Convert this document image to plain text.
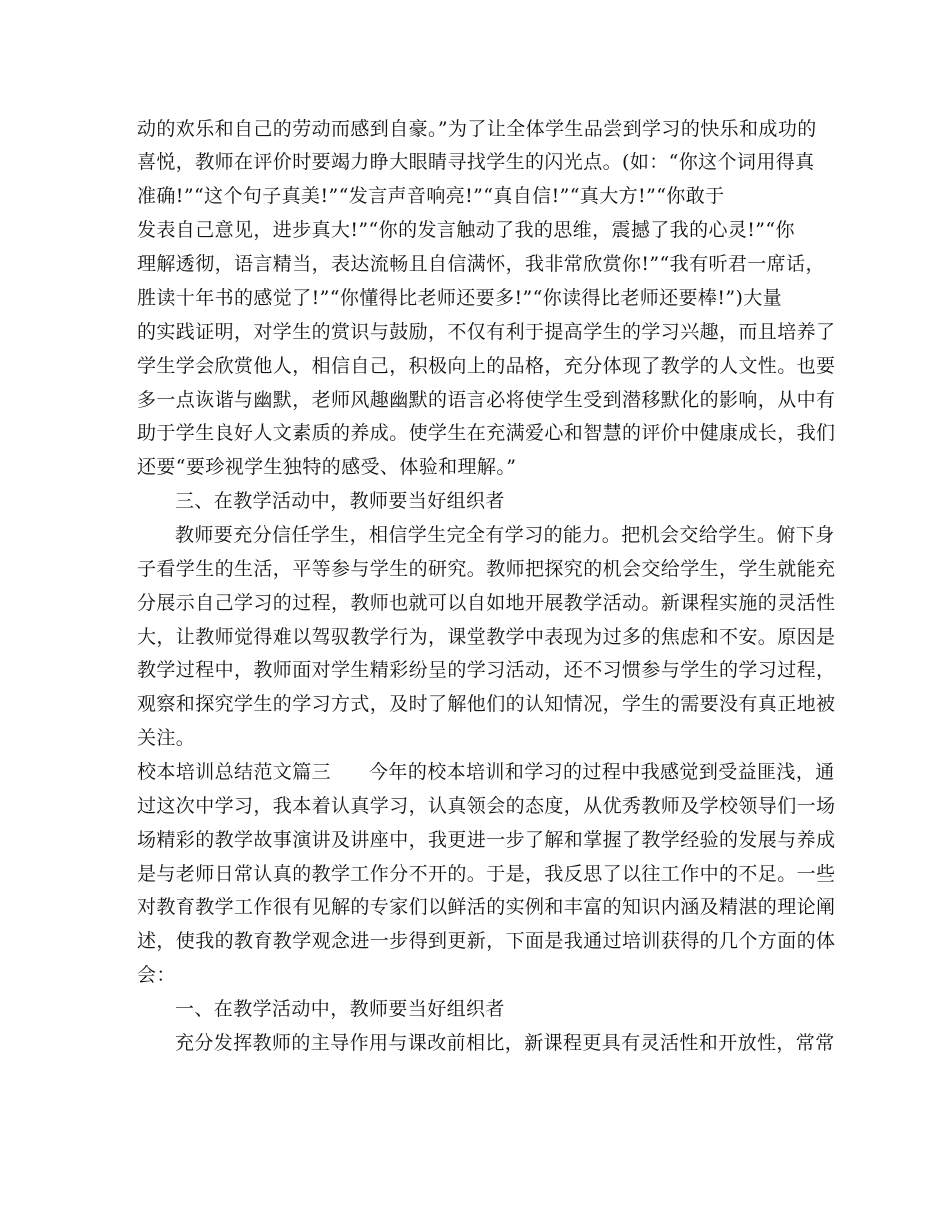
动的欢乐和自己的劳动而感到自豪。”为了让全体学生品尝到学习的快乐和成功的
喜悦，教师在评价时要竭力睁大眼睛寻找学生的闪光点。(如：“你这个词用得真
准确!”“这个句子真美!”“发言声音响亮!”“真自信!”“真大方!”“你敢于
发表自己意见，进步真大!”“你的发言触动了我的思维，震撼了我的心灵!”“你
理解透彻，语言精当，表达流畅且自信满怀，我非常欣赏你!”“我有听君一席话，
胜读十年书的感觉了!”“你懂得比老师还要多!”“你读得比老师还要棒!”)大量
的实践证明，对学生的赏识与鼓励，不仅有利于提高学生的学习兴趣，而且培养了
学生学会欣赏他人，相信自己，积极向上的品格，充分体现了教学的人文性。也要
多一点诙谐与幽默，老师风趣幽默的语言必将使学生受到潜移默化的影响，从中有
助于学生良好人文素质的养成。使学生在充满爱心和智慧的评价中健康成长，我们
还要“要珍视学生独特的感受、体验和理解。”
三、在教学活动中，教师要当好组织者
教师要充分信任学生，相信学生完全有学习的能力。把机会交给学生。俯下身
子看学生的生活，平等参与学生的研究。教师把探究的机会交给学生，学生就能充
分展示自己学习的过程，教师也就可以自如地开展教学活动。新课程实施的灵活性
大，让教师觉得难以驾驭教学行为，课堂教学中表现为过多的焦虑和不安。原因是
教学过程中，教师面对学生精彩纷呈的学习活动，还不习惯参与学生的学习过程，
观察和探究学生的学习方式，及时了解他们的认知情况，学生的需要没有真正地被
关注。
校本培训总结范文篇三 今年的校本培训和学习的过程中我感觉到受益匪浅，通
过这次中学习，我本着认真学习，认真领会的态度，从优秀教师及学校领导们一场
场精彩的教学故事演讲及讲座中，我更进一步了解和掌握了教学经验的发展与养成
是与老师日常认真的教学工作分不开的。于是，我反思了以往工作中的不足。一些
对教育教学工作很有见解的专家们以鲜活的实例和丰富的知识内涵及精湛的理论阐
述，使我的教育教学观念进一步得到更新，下面是我通过培训获得的几个方面的体
会：
一、在教学活动中，教师要当好组织者
充分发挥教师的主导作用与课改前相比，新课程更具有灵活性和开放性，常常
